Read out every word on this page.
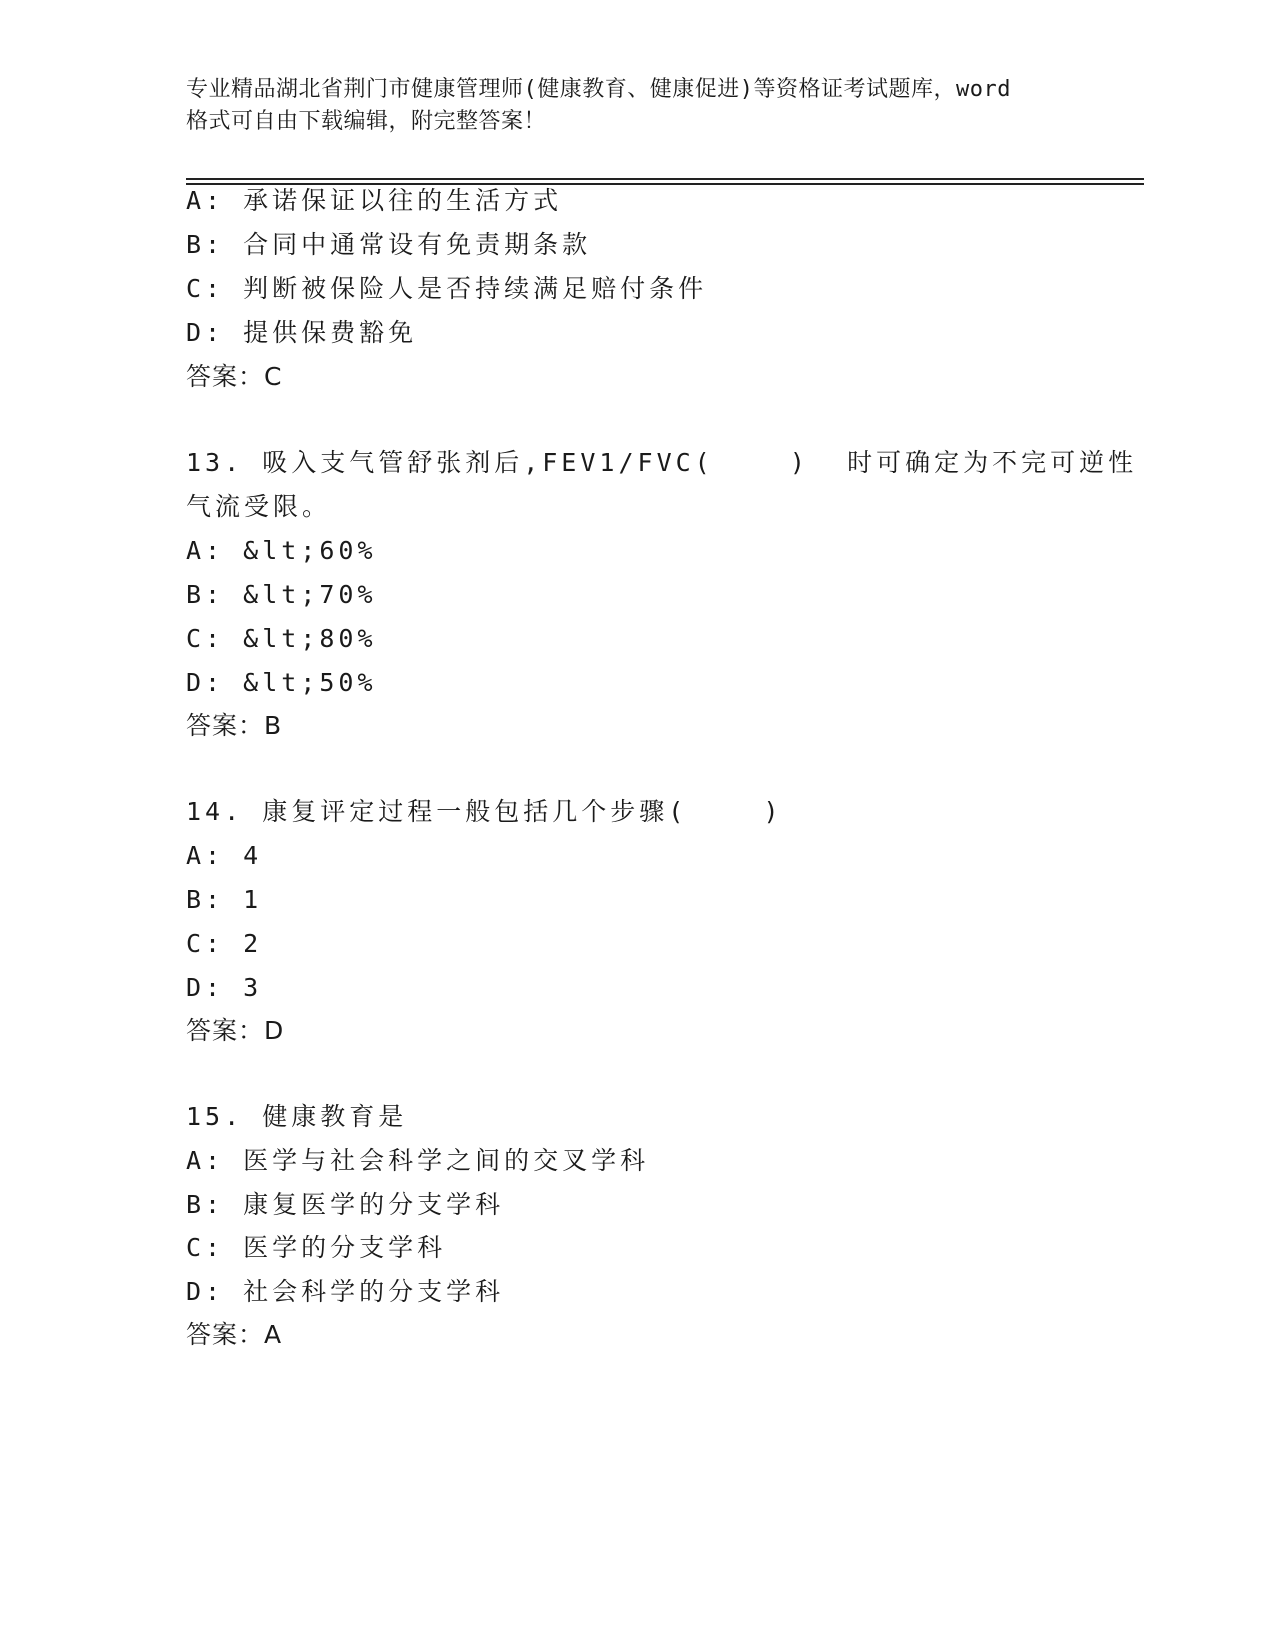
专业精品湖北省荆门市健康管理师(健康教育、健康促进)等资格证考试题库，word
格式可自由下载编辑，附完整答案！
A: 承诺保证以往的生活方式
B: 合同中通常设有免责期条款
C: 判断被保险人是否持续满足赔付条件
D: 提供保费豁免
答案：C
13. 吸入支气管舒张剂后,FEV1/FVC(    )  时可确定为不完可逆性
气流受限。
A: &lt;60%
B: &lt;70%
C: &lt;80%
D: &lt;50%
答案：B
14. 康复评定过程一般包括几个步骤(    )
A: 4
B: 1
C: 2
D: 3
答案：D
15. 健康教育是
A: 医学与社会科学之间的交叉学科
B: 康复医学的分支学科
C: 医学的分支学科
D: 社会科学的分支学科
答案：A
